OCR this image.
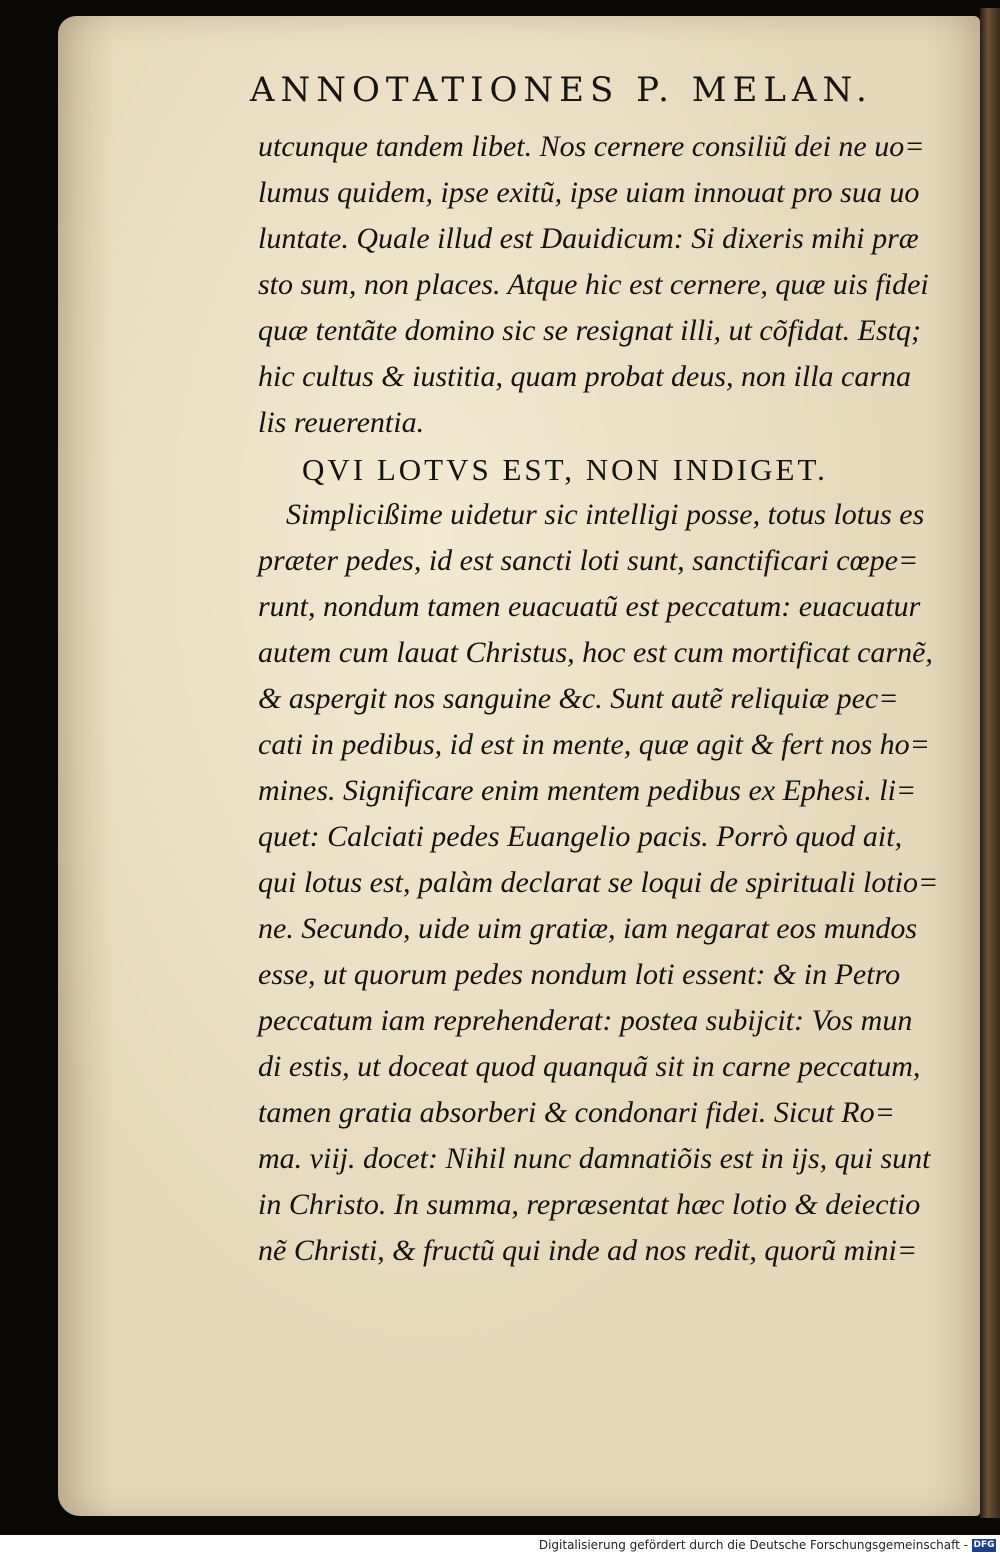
ANNOTATIONES P. MELAN.
utcunque tandem libet. Nos cernere consiliũ dei ne uo=
lumus quidem, ipse exitũ, ipse uiam innouat pro sua uo
luntate. Quale illud est Dauidicum: Si dixeris mihi præ
sto sum, non places. Atque hic est cernere, quæ uis fidei
quæ tentãte domino sic se resignat illi, ut cõfidat. Estq;
hic cultus & iustitia, quam probat deus, non illa carna
lis reuerentia.
QVI LOTVS EST, NON INDIGET.
Simplicißime uidetur sic intelligi posse, totus lotus es
præter pedes, id est sancti loti sunt, sanctificari cœpe=
runt, nondum tamen euacuatũ est peccatum: euacuatur
autem cum lauat Christus, hoc est cum mortificat carnẽ,
& aspergit nos sanguine &c. Sunt autẽ reliquiæ pec=
cati in pedibus, id est in mente, quæ agit & fert nos ho=
mines. Significare enim mentem pedibus ex Ephesi. li=
quet: Calciati pedes Euangelio pacis. Porrò quod ait,
qui lotus est, palàm declarat se loqui de spirituali lotio=
ne. Secundo, uide uim gratiæ, iam negarat eos mundos
esse, ut quorum pedes nondum loti essent: & in Petro
peccatum iam reprehenderat: postea subijcit: Vos mun
di estis, ut doceat quod quanquã sit in carne peccatum,
tamen gratia absorberi & condonari fidei. Sicut Ro=
ma. viij. docet: Nihil nunc damnatiõis est in ijs, qui sunt
in Christo. In summa, repræsentat hæc lotio & deiectio
nẽ Christi, & fructũ qui inde ad nos redit, quorũ mini=
Digitalisierung gefördert durch die Deutsche Forschungsgemeinschaft - DFG
